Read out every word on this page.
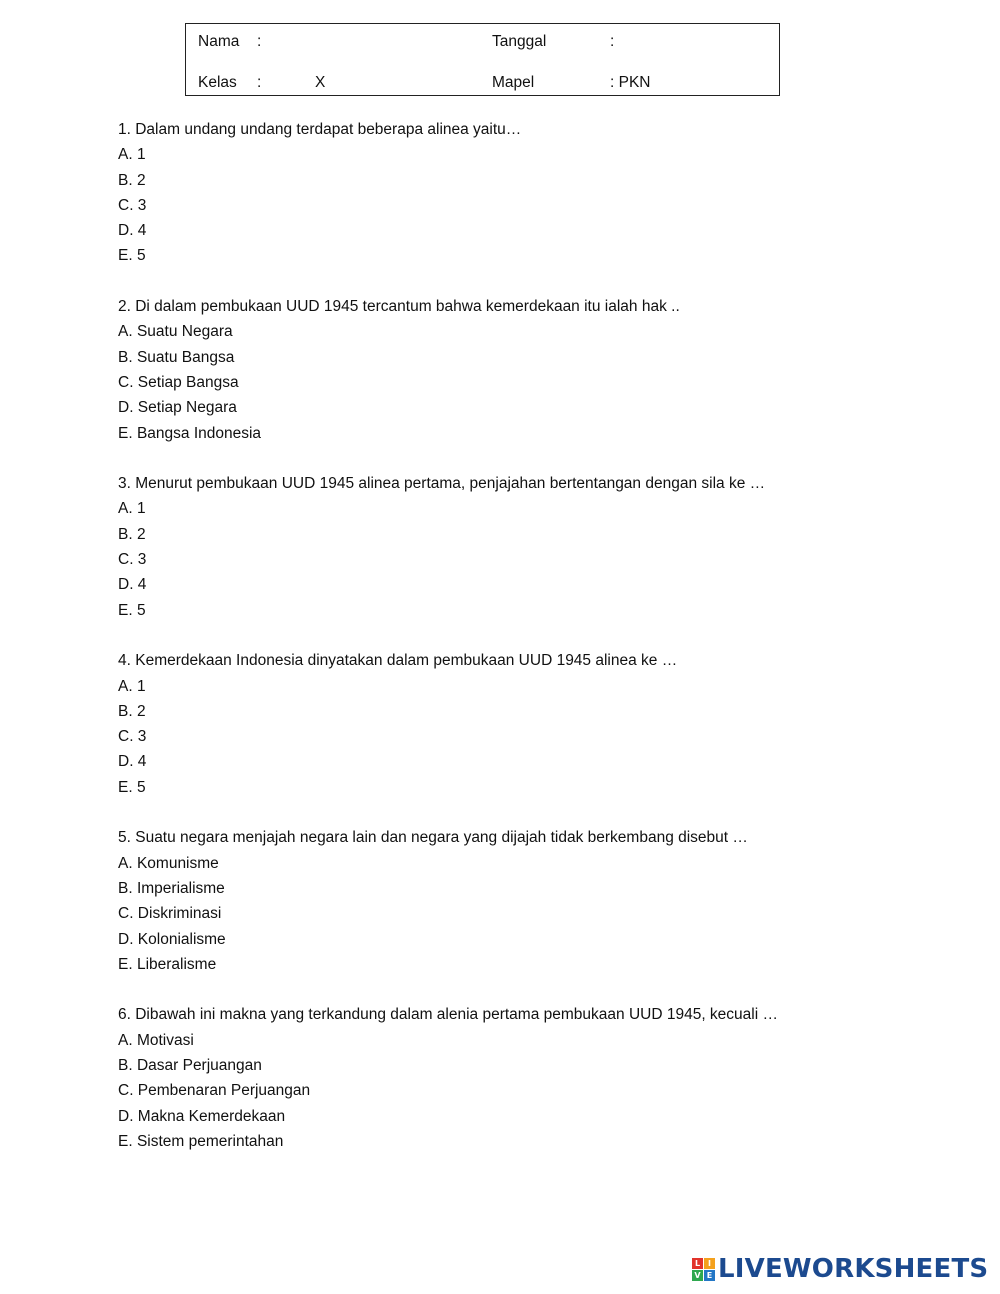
Nama :	Tanggal	:
Kelas :	X	Mapel	: PKN
1. Dalam undang undang terdapat beberapa alinea yaitu…
A. 1
B. 2
C. 3
D. 4
E. 5
2. Di dalam pembukaan UUD 1945 tercantum bahwa kemerdekaan itu ialah hak ..
A. Suatu Negara
B. Suatu Bangsa
C. Setiap Bangsa
D. Setiap Negara
E. Bangsa Indonesia
3. Menurut pembukaan UUD 1945 alinea pertama, penjajahan bertentangan dengan sila ke …
A. 1
B. 2
C. 3
D. 4
E. 5
4. Kemerdekaan Indonesia dinyatakan dalam pembukaan UUD 1945 alinea ke …
A. 1
B. 2
C. 3
D. 4
E. 5
5. Suatu negara menjajah negara lain dan negara yang dijajah tidak berkembang disebut …
A. Komunisme
B. Imperialisme
C. Diskriminasi
D. Kolonialisme
E. Liberalisme
6. Dibawah ini makna yang terkandung dalam alenia pertama pembukaan UUD 1945, kecuali …
A. Motivasi
B. Dasar Perjuangan
C. Pembenaran Perjuangan
D. Makna Kemerdekaan
E. Sistem pemerintahan
L I
V E LIVEWORKSHEETS
